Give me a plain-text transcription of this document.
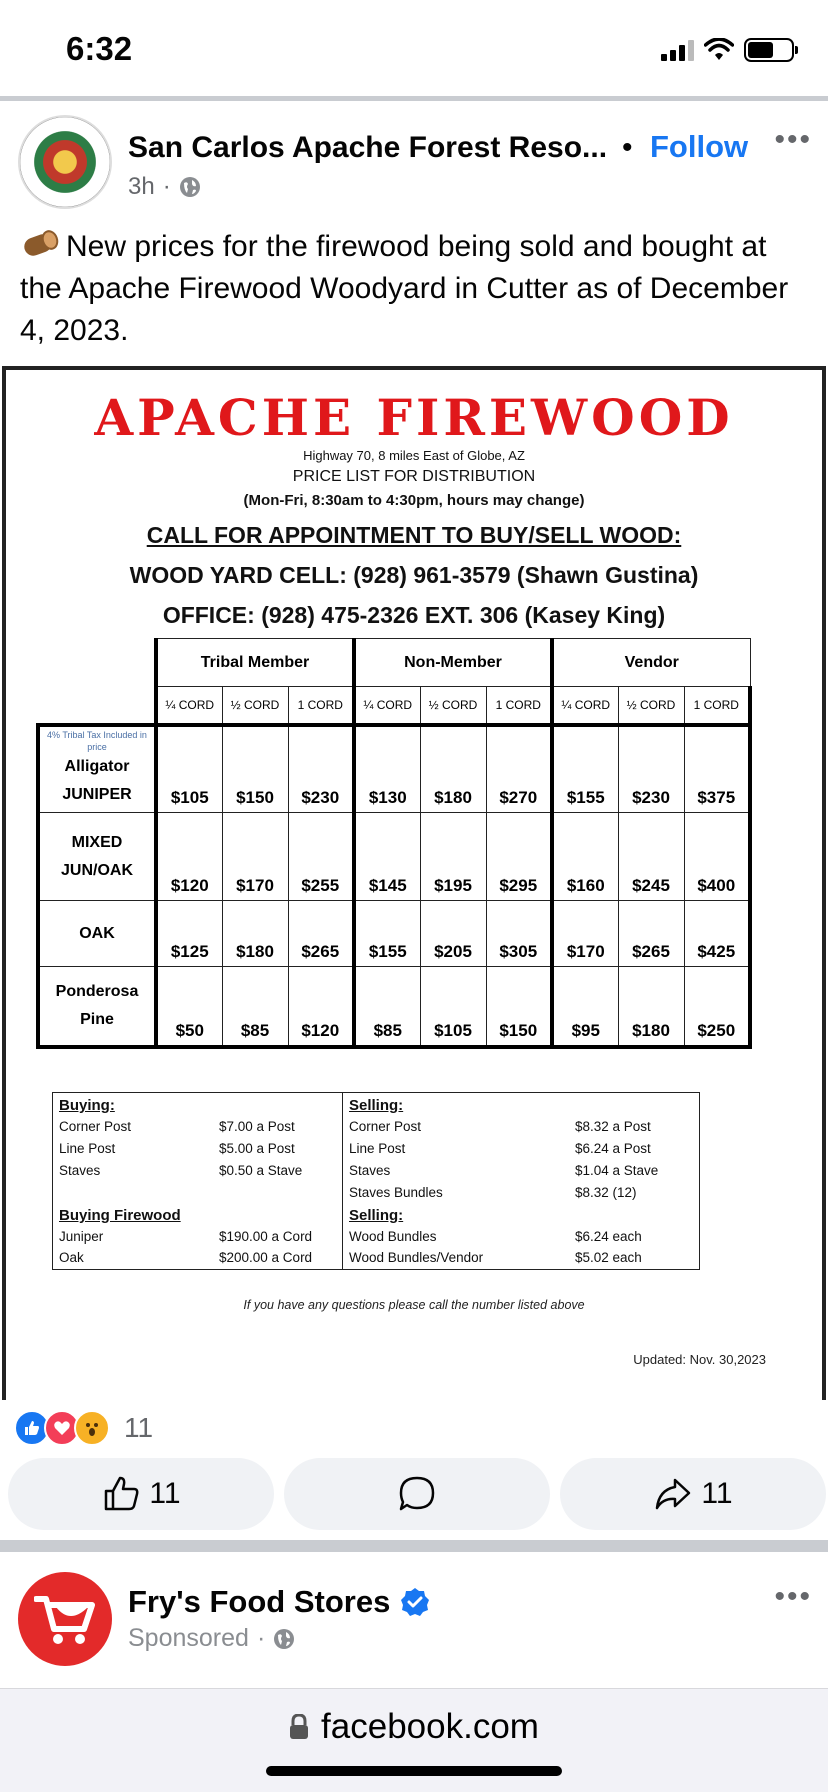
6:32
San Carlos Apache Forest Reso... • Follow •••
3h ·
New prices for the firewood being sold and bought at the Apache Firewood Woodyard in Cutter as of December 4, 2023.
APACHE FIREWOOD
Highway 70, 8 miles East of Globe, AZ
PRICE LIST FOR DISTRIBUTION
(Mon-Fri, 8:30am to 4:30pm, hours may change)
CALL FOR APPOINTMENT TO BUY/SELL WOOD:
WOOD YARD CELL: (928) 961-3579 (Shawn Gustina)
OFFICE: (928) 475-2326 EXT. 306 (Kasey King)
	Tribal Member			Non-Member			Vendor		
	¼ CORD	½ CORD	1 CORD	¼ CORD	½ CORD	1 CORD	¼ CORD	½ CORD	1 CORD

4% Tribal Tax Included in price
Alligator
JUNIPER	$105	$150	$230	$130	$180	$270	$155	$230	$375
MIXED
JUN/OAK	$120	$170	$255	$145	$195	$295	$160	$245	$400
OAK	$125	$180	$265	$155	$205	$305	$170	$265	$425
Ponderosa
Pine	$50	$85	$120	$85	$105	$150	$95	$180	$250
Buying:
Corner Post	$7.00 a Post
Line Post	$5.00 a Post
Staves	$0.50 a Stave
Buying Firewood
Juniper	$190.00 a Cord
Oak	$200.00 a Cord
Selling:
Corner Post	$8.32 a Post
Line Post	$6.24 a Post
Staves	$1.04 a Stave
Staves Bundles	$8.32 (12)
Selling:
Wood Bundles	$6.24 each
Wood Bundles/Vendor	$5.02 each
If you have any questions please call the number listed above
Updated: Nov. 30,2023
11
11	11
Fry's Food Stores
Sponsored ·
•••
facebook.com
